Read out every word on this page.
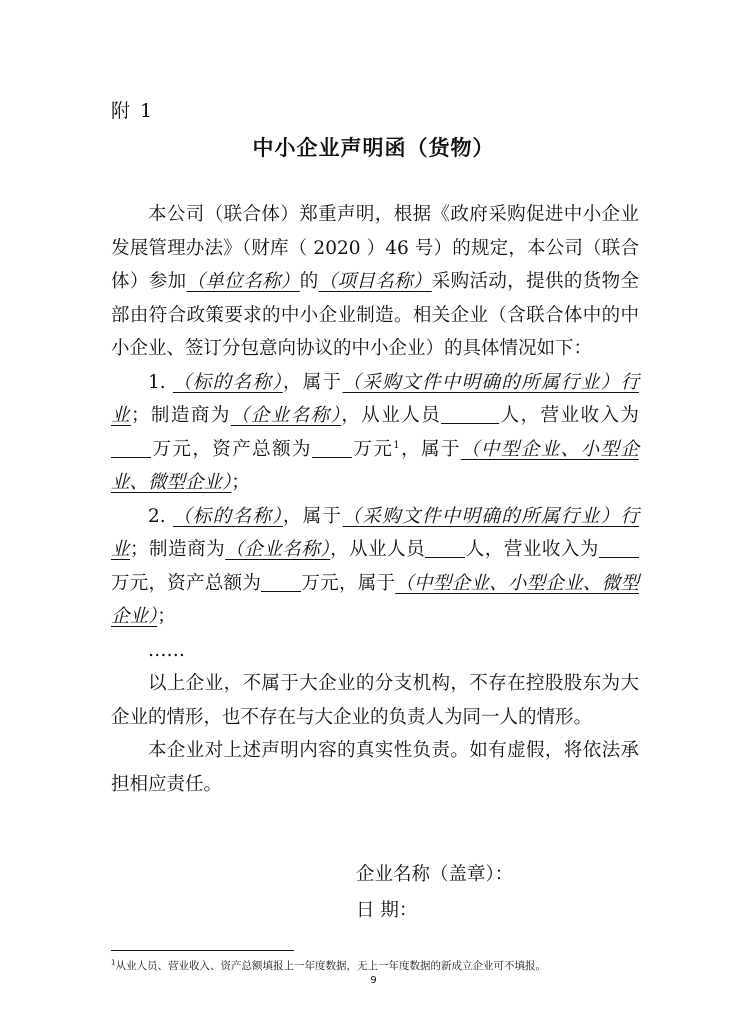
附 1
中小企业声明函（货物）

本公司（联合体）郑重声明，根据《政府采购促进中小企业发展管理办法》（财库（ 2020 ）46 号）的规定，本公司（联合体）参加（单位名称）的（项目名称）采购活动，提供的货物全部由符合政策要求的中小企业制造。相关企业（含联合体中的中小企业、签订分包意向协议的中小企业）的具体情况如下：

1. （标的名称），属于（采购文件中明确的所属行业）行业；制造商为（企业名称），从业人员	人，营业收入为万元，资产总额为 万元$^1$，属于（中型企业、小型企业、微型企业）；

2. （标的名称），属于（采购文件中明确的所属行业）行业；制造商为（企业名称），从业人员 人，营业收入为万元，资产总额为 万元，属于（中型企业、小型企业、微型企业）；

……

以上企业，不属于大企业的分支机构，不存在控股股东为大企业的情形，也不存在与大企业的负责人为同一人的情形。

本企业对上述声明内容的真实性负责。如有虚假，将依法承担相应责任。

企业名称（盖章）：
日 期：
$^1$从业人员、营业收入、资产总额填报上一年度数据，无上一年度数据的新成立企业可不填报。
9
